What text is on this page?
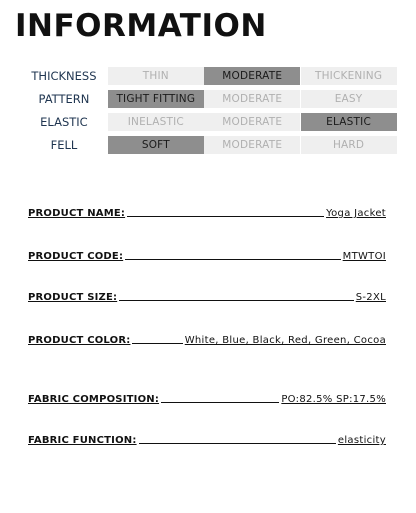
INFORMATION
THICKNESS	THIN	MODERATE	THICKENING
PATTERN	TIGHT FITTING	MODERATE	EASY
ELASTIC	INELASTIC	MODERATE	ELASTIC
FELL	SOFT	MODERATE	HARD
PRODUCT NAME:	Yoga Jacket
PRODUCT CODE:	MTWTOI
PRODUCT SIZE:	S-2XL
PRODUCT COLOR:	White, Blue, Black, Red, Green, Cocoa
FABRIC COMPOSITION:	PO:82.5% SP:17.5%
FABRIC FUNCTION:	elasticity
